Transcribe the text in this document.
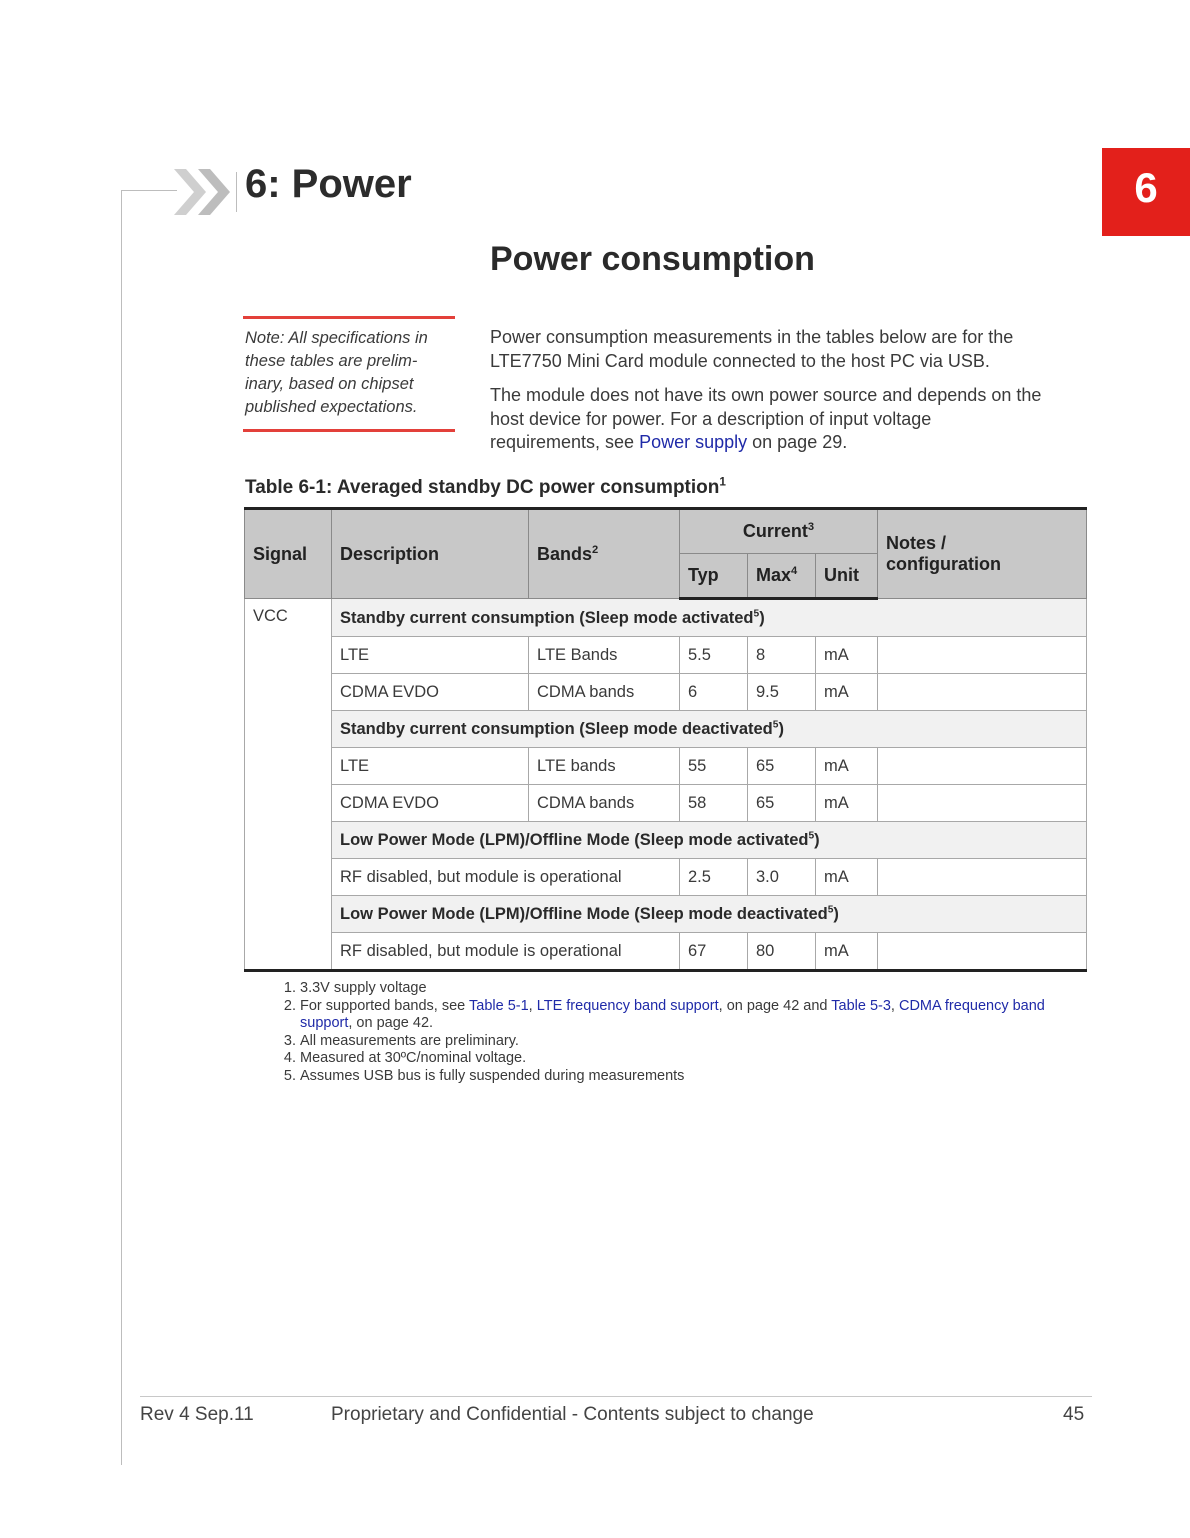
6: Power	6
Power consumption
Note: All specifications in
these tables are prelim-
inary, based on chipset
published expectations.

Power consumption measurements in the tables below are for the
LTE7750 Mini Card module connected to the host PC via USB.

The module does not have its own power source and depends on the
host device for power. For a description of input voltage
requirements, see Power supply on page 29.

Table 6-1: Averaged standby DC power consumption$^1$

Signal	Description	Bands$^2$	Current$^3$			Notes /
configuration
			Typ	Max$^4$	Unit	
VCC	Standby current consumption (Sleep mode activated$^5$)					
	LTE	LTE Bands	5.5	8	mA	
	CDMA EVDO	CDMA bands	6	9.5	mA	
	Standby current consumption (Sleep mode deactivated$^5$)					
	LTE	LTE bands	55	65	mA	
	CDMA EVDO	CDMA bands	58	65	mA	
	Low Power Mode (LPM)/Offline Mode (Sleep mode activated$^5$)					
	RF disabled, but module is operational		2.5	3.0	mA	
	Low Power Mode (LPM)/Offline Mode (Sleep mode deactivated$^5$)					
	RF disabled, but module is operational		67	80	mA	
1. 3.3V supply voltage
2. For supported bands, see Table 5-1, LTE frequency band support, on page 42 and Table 5-3, CDMA frequency band support, on page 42.
3. All measurements are preliminary.
4. Measured at 30ºC/nominal voltage.
5. Assumes USB bus is fully suspended during measurements
Rev 4 Sep.11	Proprietary and Confidential - Contents subject to change	45
